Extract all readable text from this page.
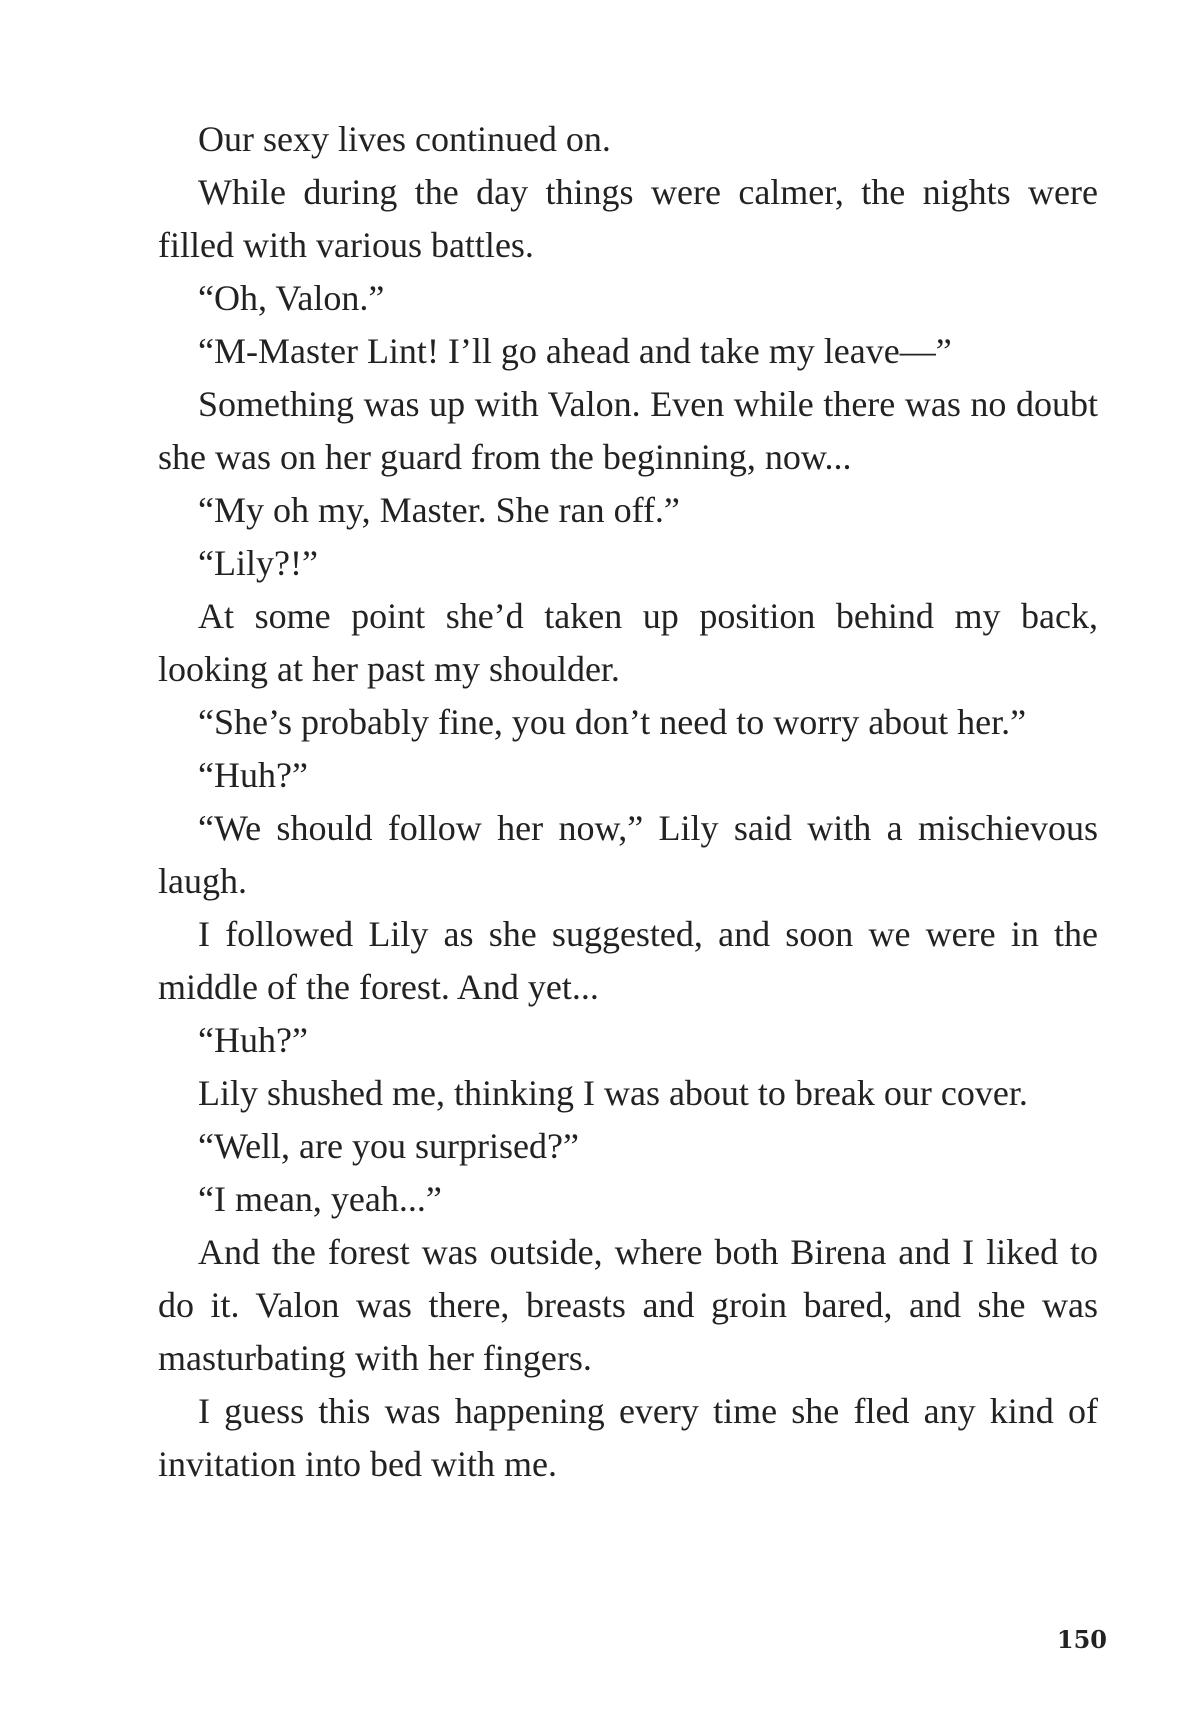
Our sexy lives continued on.

While during the day things were calmer, the nights were filled with various battles.

“Oh, Valon.”

“M-Master Lint! I’ll go ahead and take my leave—”

Something was up with Valon. Even while there was no doubt she was on her guard from the beginning, now...

“My oh my, Master. She ran off.”

“Lily?!”

At some point she’d taken up position behind my back, looking at her past my shoulder.

“She’s probably fine, you don’t need to worry about her.”

“Huh?”

“We should follow her now,” Lily said with a mischievous laugh.

I followed Lily as she suggested, and soon we were in the middle of the forest. And yet...

“Huh?”

Lily shushed me, thinking I was about to break our cover.

“Well, are you surprised?”

“I mean, yeah...”

And the forest was outside, where both Birena and I liked to do it. Valon was there, breasts and groin bared, and she was masturbating with her fingers.

I guess this was happening every time she fled any kind of invitation into bed with me.

150
